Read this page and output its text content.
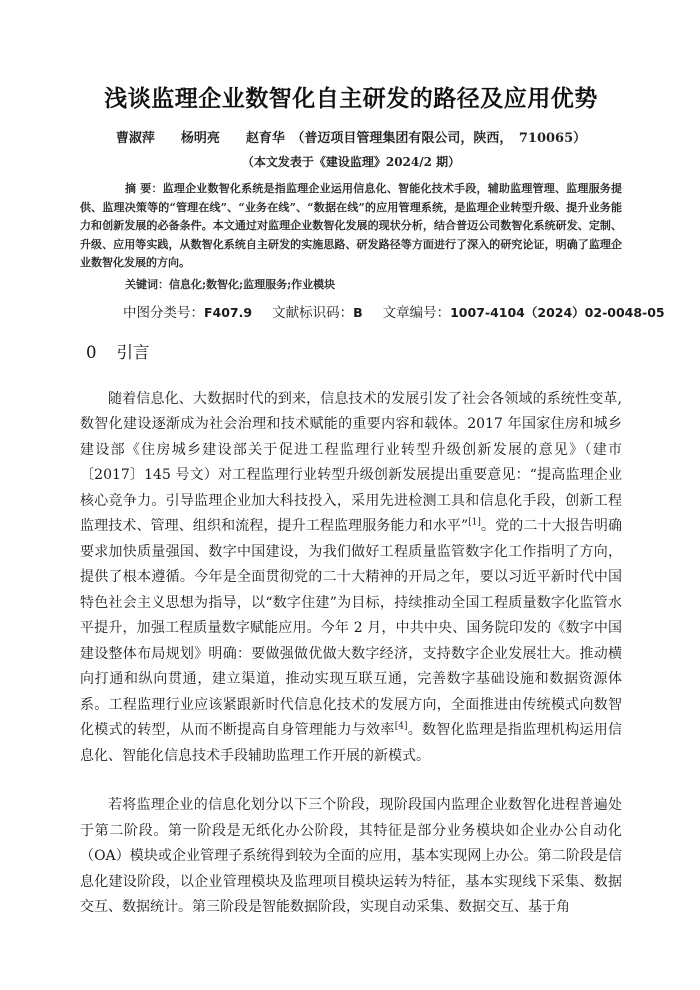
浅谈监理企业数智化自主研发的路径及应用优势
曹淑萍　　杨明亮　　赵育华　（普迈项目管理集团有限公司，陕西，　710065）
（本文发表于《建设监理》2024/2 期）

摘 要：监理企业数智化系统是指监理企业运用信息化、智能化技术手段，辅助监理管理、监理服务提供、监理决策等的“管理在线”、“业务在线”、“数据在线”的应用管理系统，是监理企业转型升级、提升业务能力和创新发展的必备条件。本文通过对监理企业数智化发展的现状分析，结合普迈公司数智化系统研发、定制、升级、应用等实践，从数智化系统自主研发的实施思路、研发路径等方面进行了深入的研究论证，明确了监理企业数智化发展的方向。

关键词：信息化;数智化;监理服务;作业模块

中图分类号：F407.9 文献标识码：B 文章编号：1007-4104（2024）02-0048-05

0 引言

随着信息化、大数据时代的到来，信息技术的发展引发了社会各领域的系统性变革,数智化建设逐渐成为社会治理和技术赋能的重要内容和载体。2017 年国家住房和城乡建设部《住房城乡建设部关于促进工程监理行业转型升级创新发展的意见》（建市〔2017〕145 号文）对工程监理行业转型升级创新发展提出重要意见：“提高监理企业核心竞争力。引导监理企业加大科技投入，采用先进检测工具和信息化手段，创新工程监理技术、管理、组织和流程，提升工程监理服务能力和水平”[1]。党的二十大报告明确要求加快质量强国、数字中国建设，为我们做好工程质量监管数字化工作指明了方向，提供了根本遵循。今年是全面贯彻党的二十大精神的开局之年，要以习近平新时代中国特色社会主义思想为指导，以“数字住建”为目标，持续推动全国工程质量数字化监管水平提升，加强工程质量数字赋能应用。今年 2 月，中共中央、国务院印发的《数字中国建设整体布局规划》明确：要做强做优做大数字经济，支持数字企业发展壮大。推动横向打通和纵向贯通，建立渠道，推动实现互联互通，完善数字基础设施和数据资源体系。工程监理行业应该紧跟新时代信息化技术的发展方向，全面推进由传统模式向数智化模式的转型，从而不断提高自身管理能力与效率[4]。数智化监理是指监理机构运用信息化、智能化信息技术手段辅助监理工作开展的新模式。

若将监理企业的信息化划分以下三个阶段，现阶段国内监理企业数智化进程普遍处于第二阶段。第一阶段是无纸化办公阶段，其特征是部分业务模块如企业办公自动化（OA）模块或企业管理子系统得到较为全面的应用，基本实现网上办公。第二阶段是信息化建设阶段，以企业管理模块及监理项目模块运转为特征，基本实现线下采集、数据交互、数据统计。第三阶段是智能数据阶段，实现自动采集、数据交互、基于角
